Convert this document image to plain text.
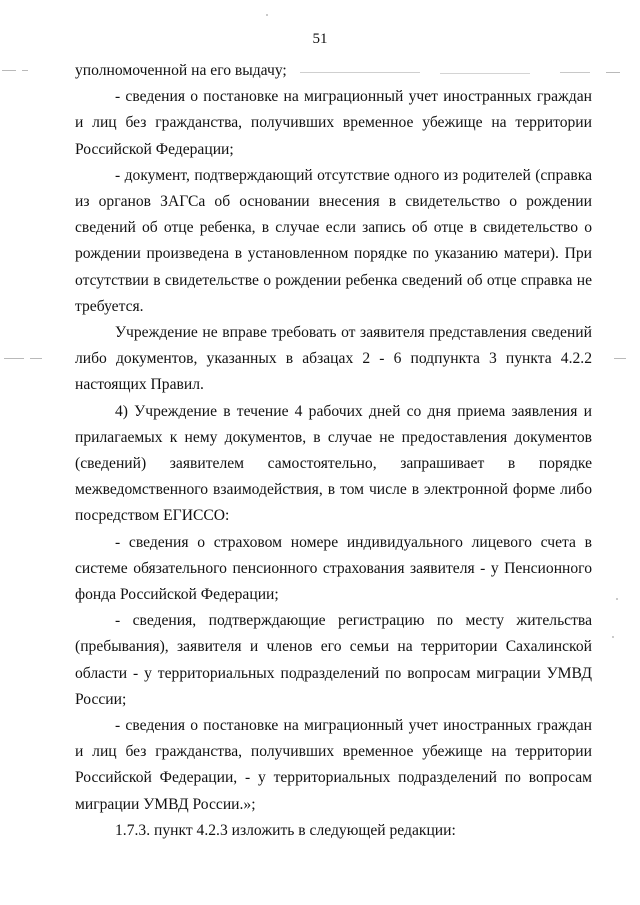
51

уполномоченной на его выдачу;

- сведения о постановке на миграционный учет иностранных граждан и лиц без гражданства, получивших временное убежище на территории Российской Федерации;

- документ, подтверждающий отсутствие одного из родителей (справка из органов ЗАГСа об основании внесения в свидетельство о рождении сведений об отце ребенка, в случае если запись об отце в свидетельство о рождении произведена в установленном порядке по указанию матери). При отсутствии в свидетельстве о рождении ребенка сведений об отце справка не требуется.

Учреждение не вправе требовать от заявителя представления сведений либо документов, указанных в абзацах 2 - 6 подпункта 3 пункта 4.2.2 настоящих Правил.

4) Учреждение в течение 4 рабочих дней со дня приема заявления и прилагаемых к нему документов, в случае не предоставления документов (сведений) заявителем самостоятельно, запрашивает в порядке межведомственного взаимодействия, в том числе в электронной форме либо посредством ЕГИССО:

- сведения о страховом номере индивидуального лицевого счета в системе обязательного пенсионного страхования заявителя - у Пенсионного фонда Российской Федерации;

- сведения, подтверждающие регистрацию по месту жительства (пребывания), заявителя и членов его семьи на территории Сахалинской области - у территориальных подразделений по вопросам миграции УМВД России;

- сведения о постановке на миграционный учет иностранных граждан и лиц без гражданства, получивших временное убежище на территории Российской Федерации, - у территориальных подразделений по вопросам миграции УМВД России.»;

1.7.3. пункт 4.2.3 изложить в следующей редакции:
